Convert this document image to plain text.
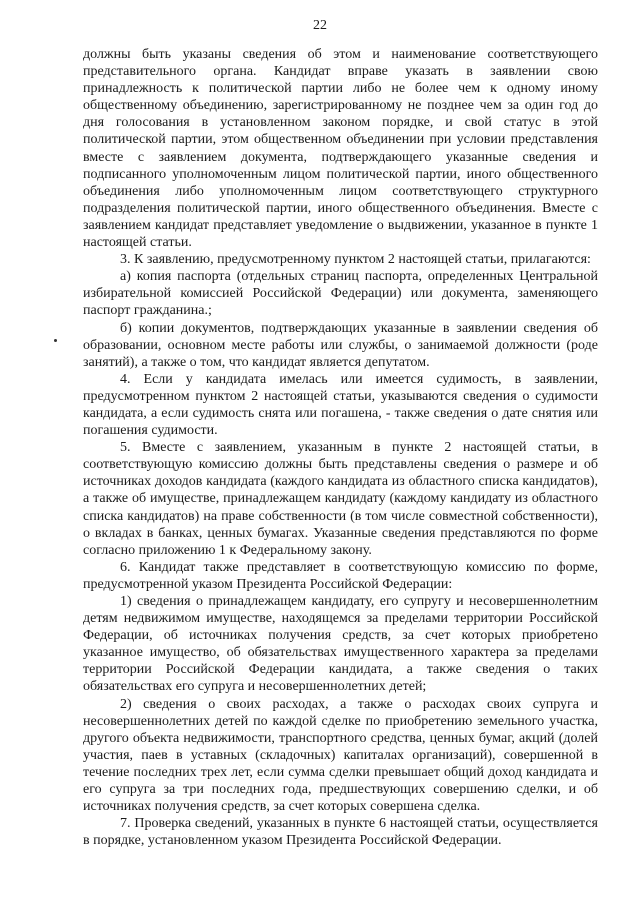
22

должны быть указаны сведения об этом и наименование соответствующего представительного органа. Кандидат вправе указать в заявлении свою принадлежность к политической партии либо не более чем к одному иному общественному объединению, зарегистрированному не позднее чем за один год до дня голосования в установленном законом порядке, и свой статус в этой политической партии, этом общественном объединении при условии представления вместе с заявлением документа, подтверждающего указанные сведения и подписанного уполномоченным лицом политической партии, иного общественного объединения либо уполномоченным лицом соответствующего структурного подразделения политической партии, иного общественного объединения. Вместе с заявлением кандидат представляет уведомление о выдвижении, указанное в пункте 1 настоящей статьи.

3. К заявлению, предусмотренному пунктом 2 настоящей статьи, прилагаются:

а) копия паспорта (отдельных страниц паспорта, определенных Центральной избирательной комиссией Российской Федерации) или документа, заменяющего паспорт гражданина.;

б) копии документов, подтверждающих указанные в заявлении сведения об образовании, основном месте работы или службы, о занимаемой должности (роде занятий), а также о том, что кандидат является депутатом.

4. Если у кандидата имелась или имеется судимость, в заявлении, предусмотренном пунктом 2 настоящей статьи, указываются сведения о судимости кандидата, а если судимость снята или погашена, - также сведения о дате снятия или погашения судимости.

5. Вместе с заявлением, указанным в пункте 2 настоящей статьи, в соответствующую комиссию должны быть представлены сведения о размере и об источниках доходов кандидата (каждого кандидата из областного списка кандидатов), а также об имуществе, принадлежащем кандидату (каждому кандидату из областного списка кандидатов) на праве собственности (в том числе совместной собственности), о вкладах в банках, ценных бумагах. Указанные сведения представляются по форме согласно приложению 1 к Федеральному закону.

6. Кандидат также представляет в соответствующую комиссию по форме, предусмотренной указом Президента Российской Федерации:

1) сведения о принадлежащем кандидату, его супругу и несовершеннолетним детям недвижимом имуществе, находящемся за пределами территории Российской Федерации, об источниках получения средств, за счет которых приобретено указанное имущество, об обязательствах имущественного характера за пределами территории Российской Федерации кандидата, а также сведения о таких обязательствах его супруга и несовершеннолетних детей;

2) сведения о своих расходах, а также о расходах своих супруга и несовершеннолетних детей по каждой сделке по приобретению земельного участка, другого объекта недвижимости, транспортного средства, ценных бумаг, акций (долей участия, паев в уставных (складочных) капиталах организаций), совершенной в течение последних трех лет, если сумма сделки превышает общий доход кандидата и его супруга за три последних года, предшествующих совершению сделки, и об источниках получения средств, за счет которых совершена сделка.

7. Проверка сведений, указанных в пункте 6 настоящей статьи, осуществляется в порядке, установленном указом Президента Российской Федерации.
